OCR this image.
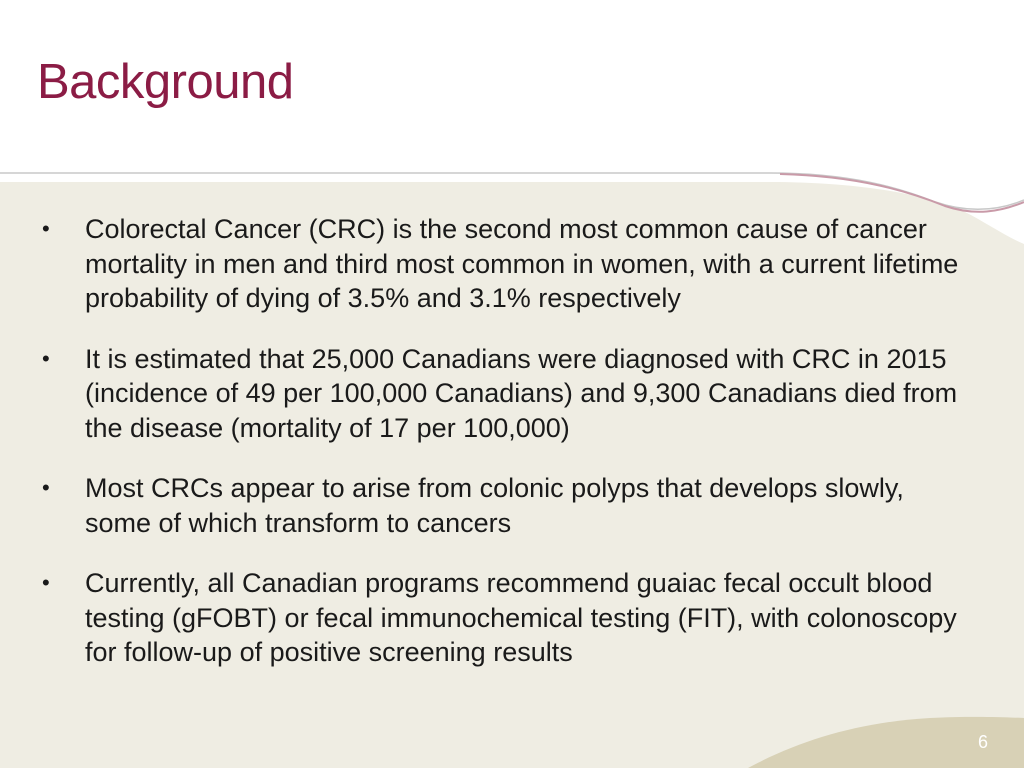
Background
• Colorectal Cancer (CRC) is the second most common cause of cancer mortality in men and third most common in women, with a current lifetime probability of dying of 3.5% and 3.1% respectively
• It is estimated that 25,000 Canadians were diagnosed with CRC in 2015 (incidence of 49 per 100,000 Canadians) and 9,300 Canadians died from the disease (mortality of 17 per 100,000)
• Most CRCs appear to arise from colonic polyps that develops slowly, some of which transform to cancers
• Currently, all Canadian programs recommend guaiac fecal occult blood testing (gFOBT) or fecal immunochemical testing (FIT), with colonoscopy for follow-up of positive screening results
6
